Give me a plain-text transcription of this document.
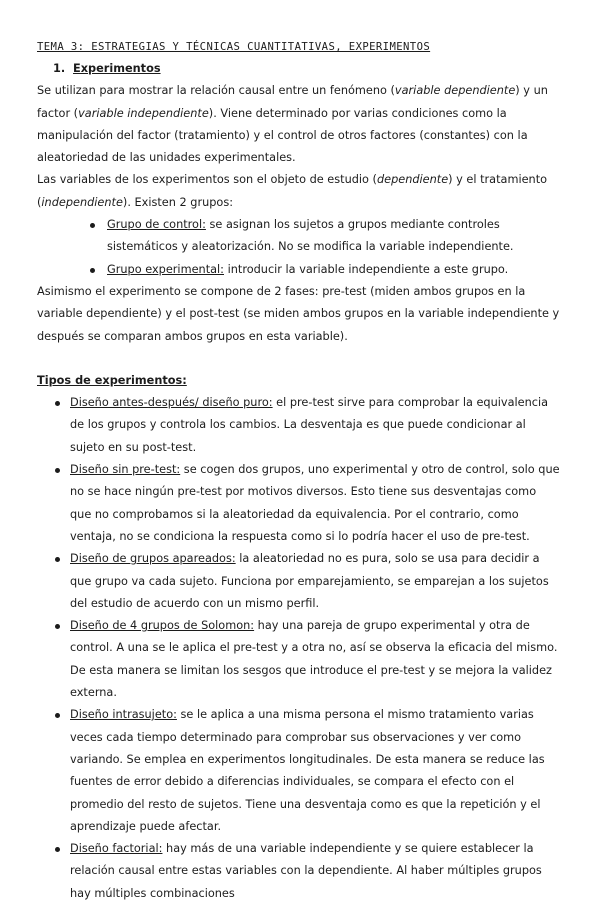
TEMA 3: ESTRATEGIAS Y TÉCNICAS CUANTITATIVAS, EXPERIMENTOS
1. Experimentos

Se utilizan para mostrar la relación causal entre un fenómeno (variable dependiente) y un factor (variable independiente). Viene determinado por varias condiciones como la manipulación del factor (tratamiento) y el control de otros factores (constantes) con la aleatoriedad de las unidades experimentales.

Las variables de los experimentos son el objeto de estudio (dependiente) y el tratamiento (independiente). Existen 2 grupos:

Grupo de control: se asignan los sujetos a grupos mediante controles sistemáticos y aleatorización. No se modifica la variable independiente.
Grupo experimental: introducir la variable independiente a este grupo.

Asimismo el experimento se compone de 2 fases: pre-test (miden ambos grupos en la variable dependiente) y el post-test (se miden ambos grupos en la variable independiente y después se comparan ambos grupos en esta variable).

Tipos de experimentos:
Diseño antes-después/ diseño puro: el pre-test sirve para comprobar la equivalencia de los grupos y controla los cambios. La desventaja es que puede condicionar al sujeto en su post-test.
Diseño sin pre-test: se cogen dos grupos, uno experimental y otro de control, solo que no se hace ningún pre-test por motivos diversos. Esto tiene sus desventajas como que no comprobamos si la aleatoriedad da equivalencia. Por el contrario, como ventaja, no se condiciona la respuesta como si lo podría hacer el uso de pre-test.
Diseño de grupos apareados: la aleatoriedad no es pura, solo se usa para decidir a que grupo va cada sujeto. Funciona por emparejamiento, se emparejan a los sujetos del estudio de acuerdo con un mismo perfil.
Diseño de 4 grupos de Solomon: hay una pareja de grupo experimental y otra de control. A una se le aplica el pre-test y a otra no, así se observa la eficacia del mismo. De esta manera se limitan los sesgos que introduce el pre-test y se mejora la validez externa.
Diseño intrasujeto: se le aplica a una misma persona el mismo tratamiento varias veces cada tiempo determinado para comprobar sus observaciones y ver como variando. Se emplea en experimentos longitudinales. De esta manera se reduce las fuentes de error debido a diferencias individuales, se compara el efecto con el promedio del resto de sujetos. Tiene una desventaja como es que la repetición y el aprendizaje puede afectar.
Diseño factorial: hay más de una variable independiente y se quiere establecer la relación causal entre estas variables con la dependiente. Al haber múltiples grupos hay múltiples combinaciones
